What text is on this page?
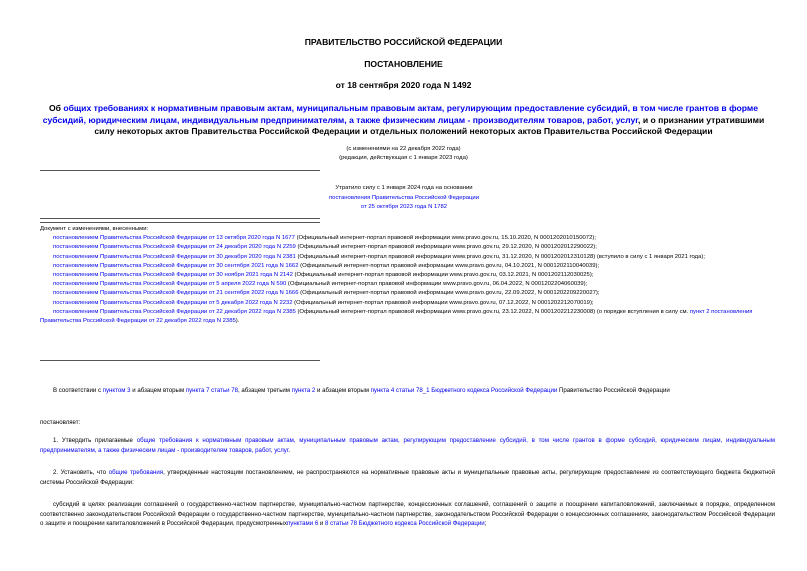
ПРАВИТЕЛЬСТВО РОССИЙСКОЙ ФЕДЕРАЦИИ
ПОСТАНОВЛЕНИЕ
от 18 сентября 2020 года N 1492
Об общих требованиях к нормативным правовым актам, муниципальным правовым актам, регулирующим предоставление субсидий, в том числе грантов в форме субсидий, юридическим лицам, индивидуальным предпринимателям, а также физическим лицам - производителям товаров, работ, услуг, и о признании утратившими силу некоторых актов Правительства Российской Федерации и отдельных положений некоторых актов Правительства Российской Федерации
(с изменениями на 22 декабря 2022 года)
(редакция, действующая с 1 января 2023 года)
Утратило силу с 1 января 2024 года на основании
постановления Правительства Российской Федерации
от 25 октября 2023 года N 1782

Документ с изменениями, внесенными:

постановлением Правительства Российской Федерации от 13 октября 2020 года N 1677 (Официальный интернет-портал правовой информации www.pravo.gov.ru, 15.10.2020, N 0001202010150072);

постановлением Правительства Российской Федерации от 24 декабря 2020 года N 2259 (Официальный интернет-портал правовой информации www.pravo.gov.ru, 29.12.2020, N 0001202012290022);

постановлением Правительства Российской Федерации от 30 декабря 2020 года N 2381 (Официальный интернет-портал правовой информации www.pravo.gov.ru, 31.12.2020, N 0001202012310128) (вступило в силу с 1 января 2021 года);

постановлением Правительства Российской Федерации от 30 сентября 2021 года N 1662 (Официальный интернет-портал правовой информации www.pravo.gov.ru, 04.10.2021, N 0001202110040039);

постановлением Правительства Российской Федерации от 30 ноября 2021 года N 2142 (Официальный интернет-портал правовой информации www.pravo.gov.ru, 03.12.2021, N 0001202112030025);

постановлением Правительства Российской Федерации от 5 апреля 2022 года N 590 (Официальный интернет-портал правовой информации www.pravo.gov.ru, 06.04.2022, N 0001202204060039);

постановлением Правительства Российской Федерации от 21 сентября 2022 года N 1666 (Официальный интернет-портал правовой информации www.pravo.gov.ru, 22.09.2022, N 0001202209220027);

постановлением Правительства Российской Федерации от 5 декабря 2022 года N 2232 (Официальный интернет-портал правовой информации www.pravo.gov.ru, 07.12.2022, N 0001202212070019);

постановлением Правительства Российской Федерации от 22 декабря 2022 года N 2385 (Официальный интернет-портал правовой информации www.pravo.gov.ru, 23.12.2022, N 0001202212230008) (о порядке вступления в силу см. пункт 2 постановления Правительства Российской Федерации от 22 декабря 2022 года N 2385).

В соответствии с пунктом 3 и абзацем вторым пункта 7 статьи 78, абзацем третьим пункта 2 и абзацем вторым пункта 4 статьи 78_1 Бюджетного кодекса Российской Федерации Правительство Российской Федерации

постановляет:

1. Утвердить прилагаемые общие требования к нормативным правовым актам, муниципальным правовым актам, регулирующим предоставление субсидий, в том числе грантов в форме субсидий, юридическим лицам, индивидуальным предпринимателям, а также физическим лицам - производителям товаров, работ, услуг.

2. Установить, что общие требования, утвержденные настоящим постановлением, не распространяются на нормативные правовые акты и муниципальные правовые акты, регулирующие предоставление из соответствующего бюджета бюджетной системы Российской Федерации:

субсидий в целях реализации соглашений о государственно-частном партнерстве, муниципально-частном партнерстве, концессионных соглашений, соглашений о защите и поощрении капиталовложений, заключаемых в порядке, определенном соответственно законодательством Российской Федерации о государственно-частном партнерстве, муниципально-частном партнерстве, законодательством Российской Федерации о концессионных соглашениях, законодательством Российской Федерации о защите и поощрении капиталовложений в Российской Федерации, предусмотренныхпунктами 6 и 8 статьи 78 Бюджетного кодекса Российской Федерации;
